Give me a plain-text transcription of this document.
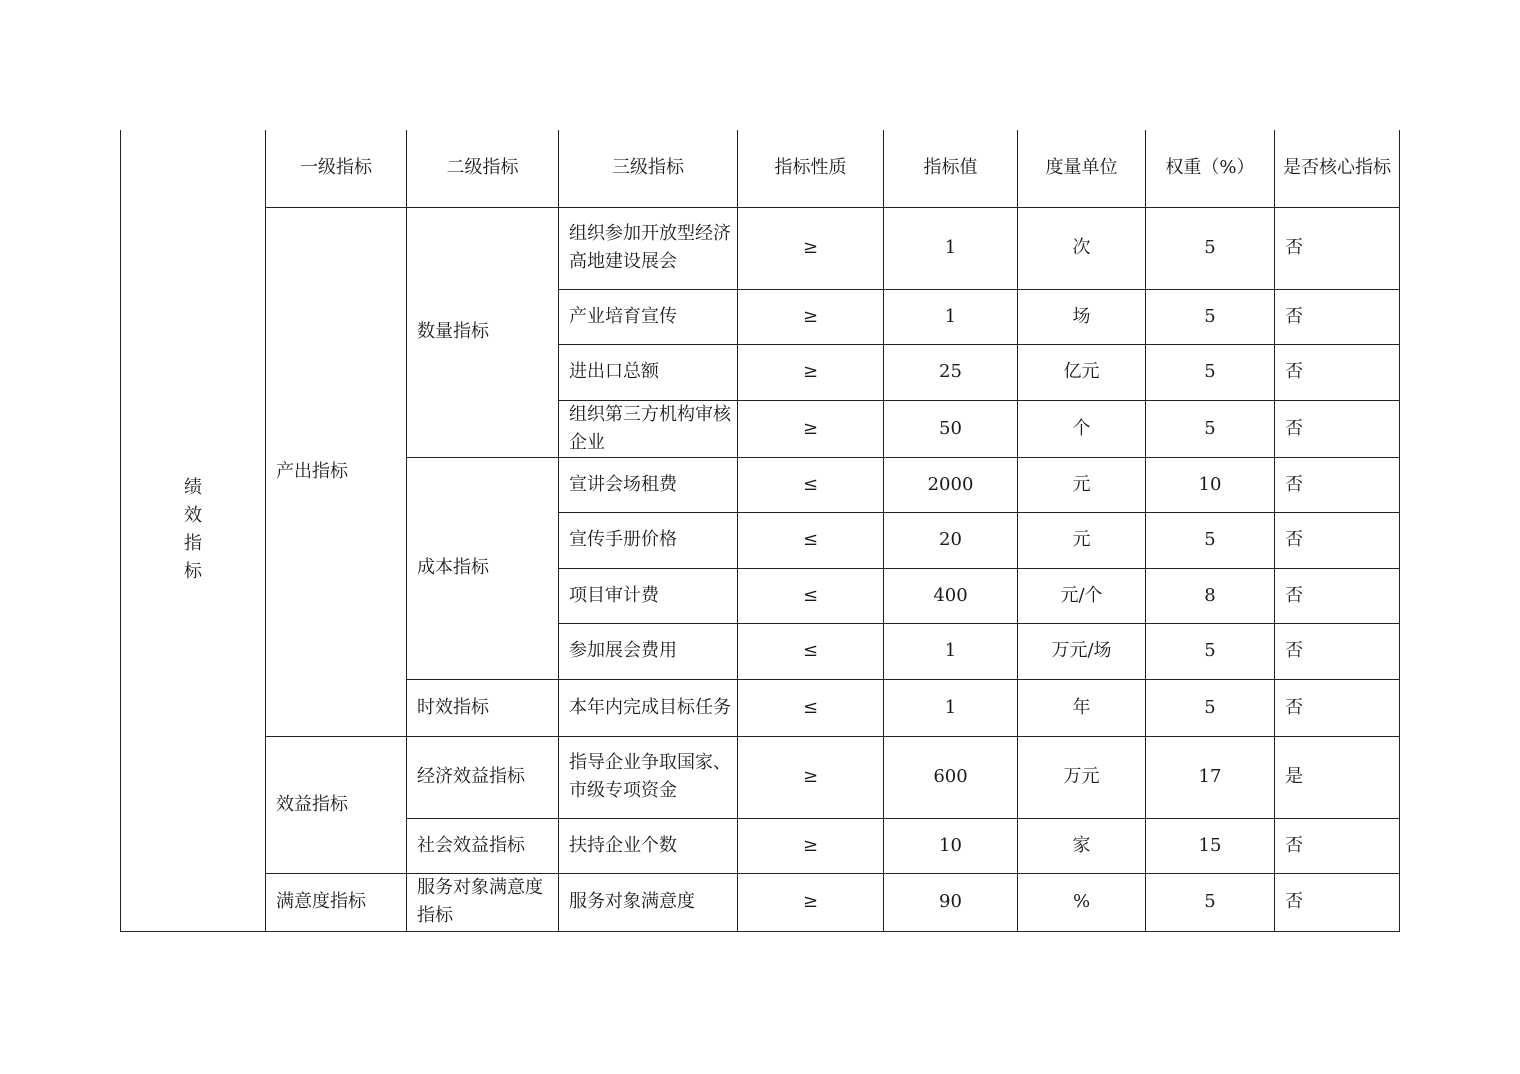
绩效指标	一级指标	二级指标	三级指标	指标性质	指标值	度量单位	权重（%）	是否核心指标
	产出指标	数量指标	组织参加开放型经济高地建设展会	≥	1	次	5	否
			产业培育宣传	≥	1	场	5	否
			进出口总额	≥	25	亿元	5	否
			组织第三方机构审核企业	≥	50	个	5	否
		成本指标	宣讲会场租费	≤	2000	元	10	否
			宣传手册价格	≤	20	元	5	否
			项目审计费	≤	400	元/个	8	否
			参加展会费用	≤	1	万元/场	5	否
		时效指标	本年内完成目标任务	≤	1	年	5	否
	效益指标	经济效益指标	指导企业争取国家、市级专项资金	≥	600	万元	17	是
		社会效益指标	扶持企业个数	≥	10	家	15	否
	满意度指标	服务对象满意度指标	服务对象满意度	≥	90	%	5	否
